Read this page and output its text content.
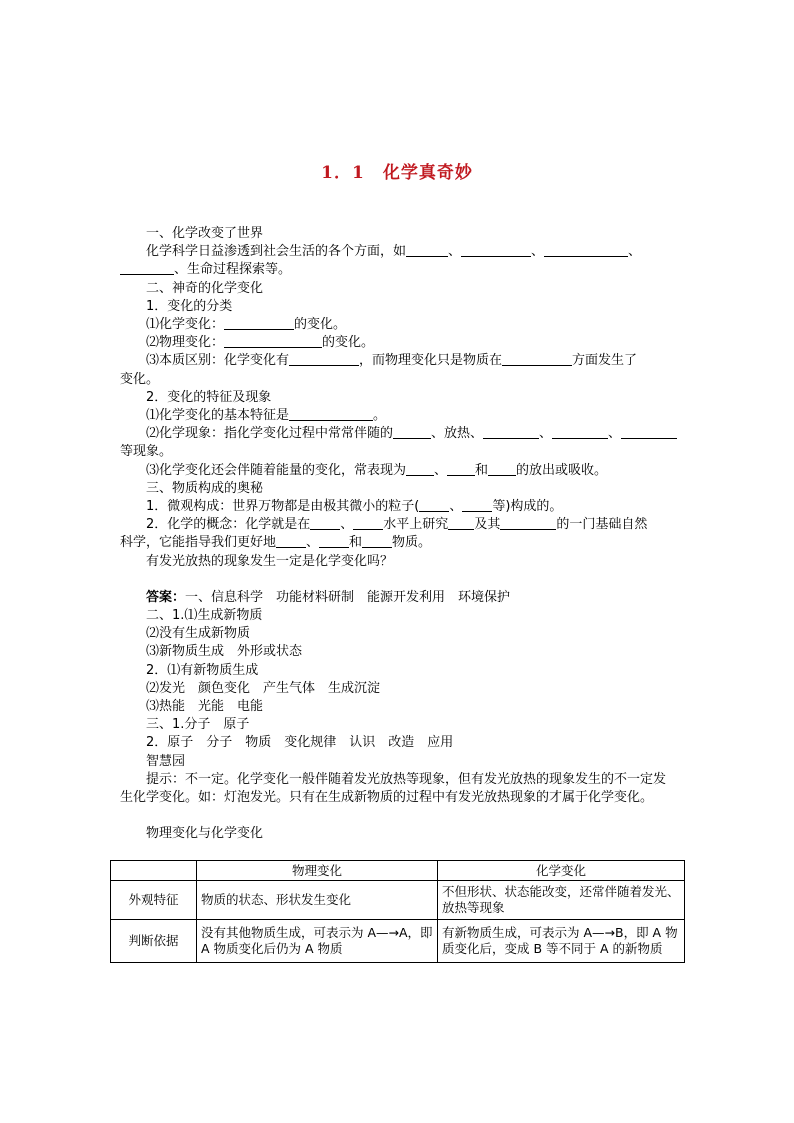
1．1　化学真奇妙
一、化学改变了世界
化学科学日益渗透到社会生活的各个方面，如	、	、	、
、生命过程探索等。
二、神奇的化学变化
1．变化的分类
⑴化学变化：	的变化。
⑵物理变化：	的变化。
⑶本质区别：化学变化有	，而物理变化只是物质在	方面发生了
变化。
2．变化的特征及现象
⑴化学变化的基本特征是	。
⑵化学现象：指化学变化过程中常常伴随的	、放热、	、	、
等现象。
⑶化学变化还会伴随着能量的变化，常表现为 、 和 的放出或吸收。
三、物质构成的奥秘
1．微观构成：世界万物都是由极其微小的粒子( 、 等)构成的。
2．化学的概念：化学就是在 、 水平上研究 及其	的一门基础自然
科学，它能指导我们更好地 、 和 物质。
有发光放热的现象发生一定是化学变化吗？
答案：一、信息科学　功能材料研制　能源开发利用　环境保护
二、1.⑴生成新物质
⑵没有生成新物质
⑶新物质生成　外形或状态
2．⑴有新物质生成
⑵发光　颜色变化　产生气体　生成沉淀
⑶热能　光能　电能
三、1.分子　原子
2．原子　分子　物质　变化规律　认识　改造　应用
智慧园
提示：不一定。化学变化一般伴随着发光放热等现象，但有发光放热的现象发生的不一定发生化学变化。如：灯泡发光。只有在生成新物质的过程中有发光放热现象的才属于化学变化。
物理变化与化学变化
	物理变化	化学变化
外观特征	物质的状态、形状发生变化	不但形状、状态能改变，还常伴随着发光、放热等现象
判断依据	没有其他物质生成，可表示为 A—→A，即 A 物质变化后仍为 A 物质	有新物质生成，可表示为 A—→B，即 A 物质变化后，变成 B 等不同于 A 的新物质
